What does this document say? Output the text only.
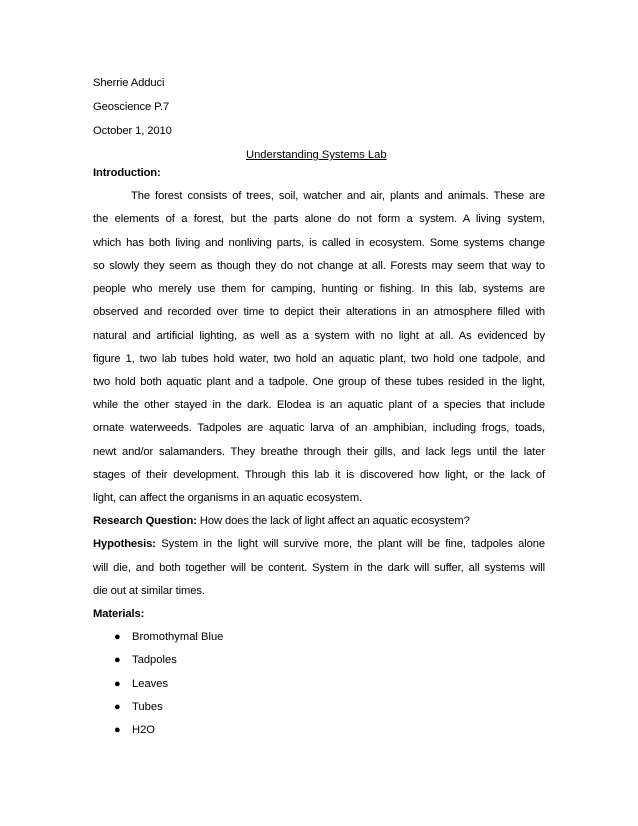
Sherrie Adduci
Geoscience P.7
October 1, 2010
Understanding Systems Lab
Introduction:
The forest consists of trees, soil, watcher and air, plants and animals. These are
the elements of a forest, but the parts alone do not form a system. A living system,
which has both living and nonliving parts, is called in ecosystem. Some systems change
so slowly they seem as though they do not change at all. Forests may seem that way to
people who merely use them for camping, hunting or fishing. In this lab, systems are
observed and recorded over time to depict their alterations in an atmosphere filled with
natural and artificial lighting, as well as a system with no light at all. As evidenced by
figure 1, two lab tubes hold water, two hold an aquatic plant, two hold one tadpole, and
two hold both aquatic plant and a tadpole. One group of these tubes resided in the light,
while the other stayed in the dark. Elodea is an aquatic plant of a species that include
ornate waterweeds. Tadpoles are aquatic larva of an amphibian, including frogs, toads,
newt and/or salamanders. They breathe through their gills, and lack legs until the later
stages of their development. Through this lab it is discovered how light, or the lack of
light, can affect the organisms in an aquatic ecosystem.
Research Question: How does the lack of light affect an aquatic ecosystem?
Hypothesis: System in the light will survive more, the plant will be fine, tadpoles alone
will die, and both together will be content. System in the dark will suffer, all systems will
die out at similar times.
Materials:
● Bromothymal Blue
● Tadpoles
● Leaves
● Tubes
● H2O
